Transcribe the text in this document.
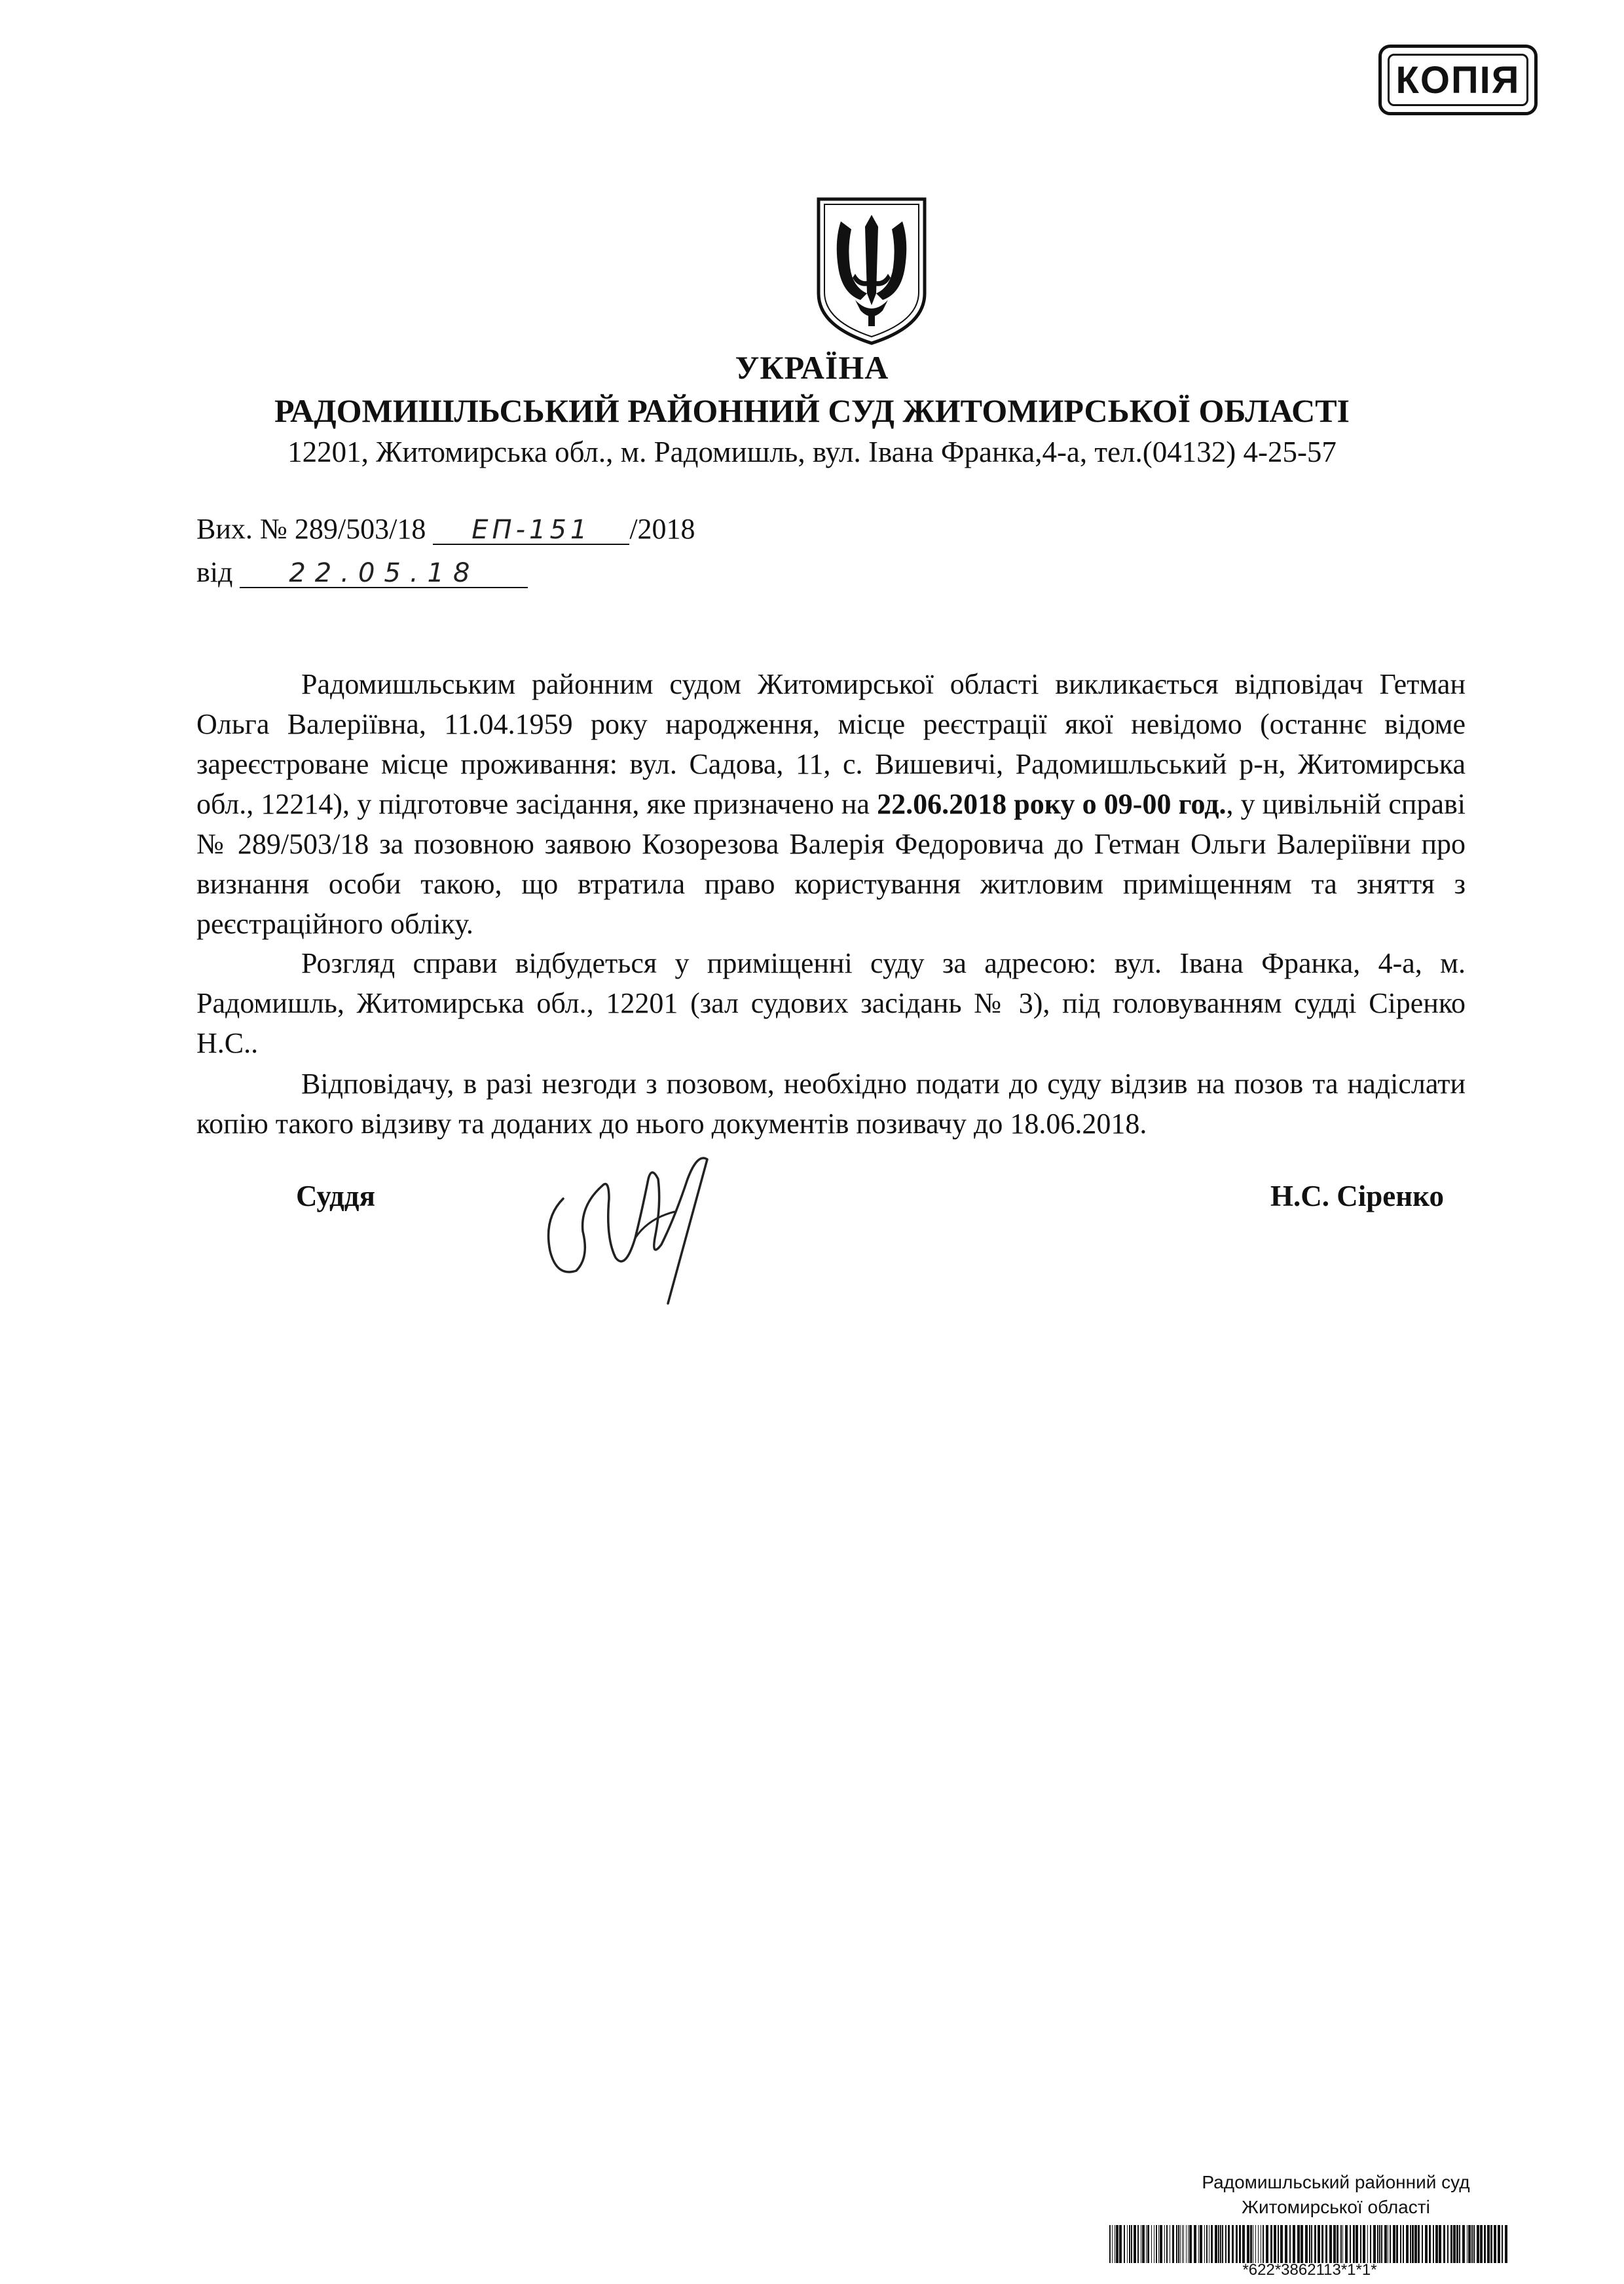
КОПІЯ
УКРАЇНА
РАДОМИШЛЬСЬКИЙ РАЙОННИЙ СУД ЖИТОМИРСЬКОЇ ОБЛАСТІ
12201, Житомирська обл., м. Радомишль, вул. Івана Франка,4-а, тел.(04132) 4-25-57
Вих. № 289/503/18 ЕП-151 /2018
від 22.05.18

Радомишльським районним судом Житомирської області викликається відповідач Гетман Ольга Валеріївна, 11.04.1959 року народження, місце реєстрації якої невідомо (останнє відоме зареєстроване місце проживання: вул. Садова, 11, с. Вишевичі, Радомишльський р-н, Житомирська обл., 12214), у підготовче засідання, яке призначено на 22.06.2018 року о 09-00 год., у цивільній справі № 289/503/18 за позовною заявою Козорезова Валерія Федоровича до Гетман Ольги Валеріївни про визнання особи такою, що втратила право користування житловим приміщенням та зняття з реєстраційного обліку.

Розгляд справи відбудеться у приміщенні суду за адресою: вул. Івана Франка, 4-а, м. Радомишль, Житомирська обл., 12201 (зал судових засідань № 3), під головуванням судді Сіренко Н.С..

Відповідачу, в разі незгоди з позовом, необхідно подати до суду відзив на позов та надіслати копію такого відзиву та доданих до нього документів позивачу до 18.06.2018.

Суддя	Н.С. Сіренко
Радомишльський районний суд
Житомирської області
*622*3862113*1*1*
